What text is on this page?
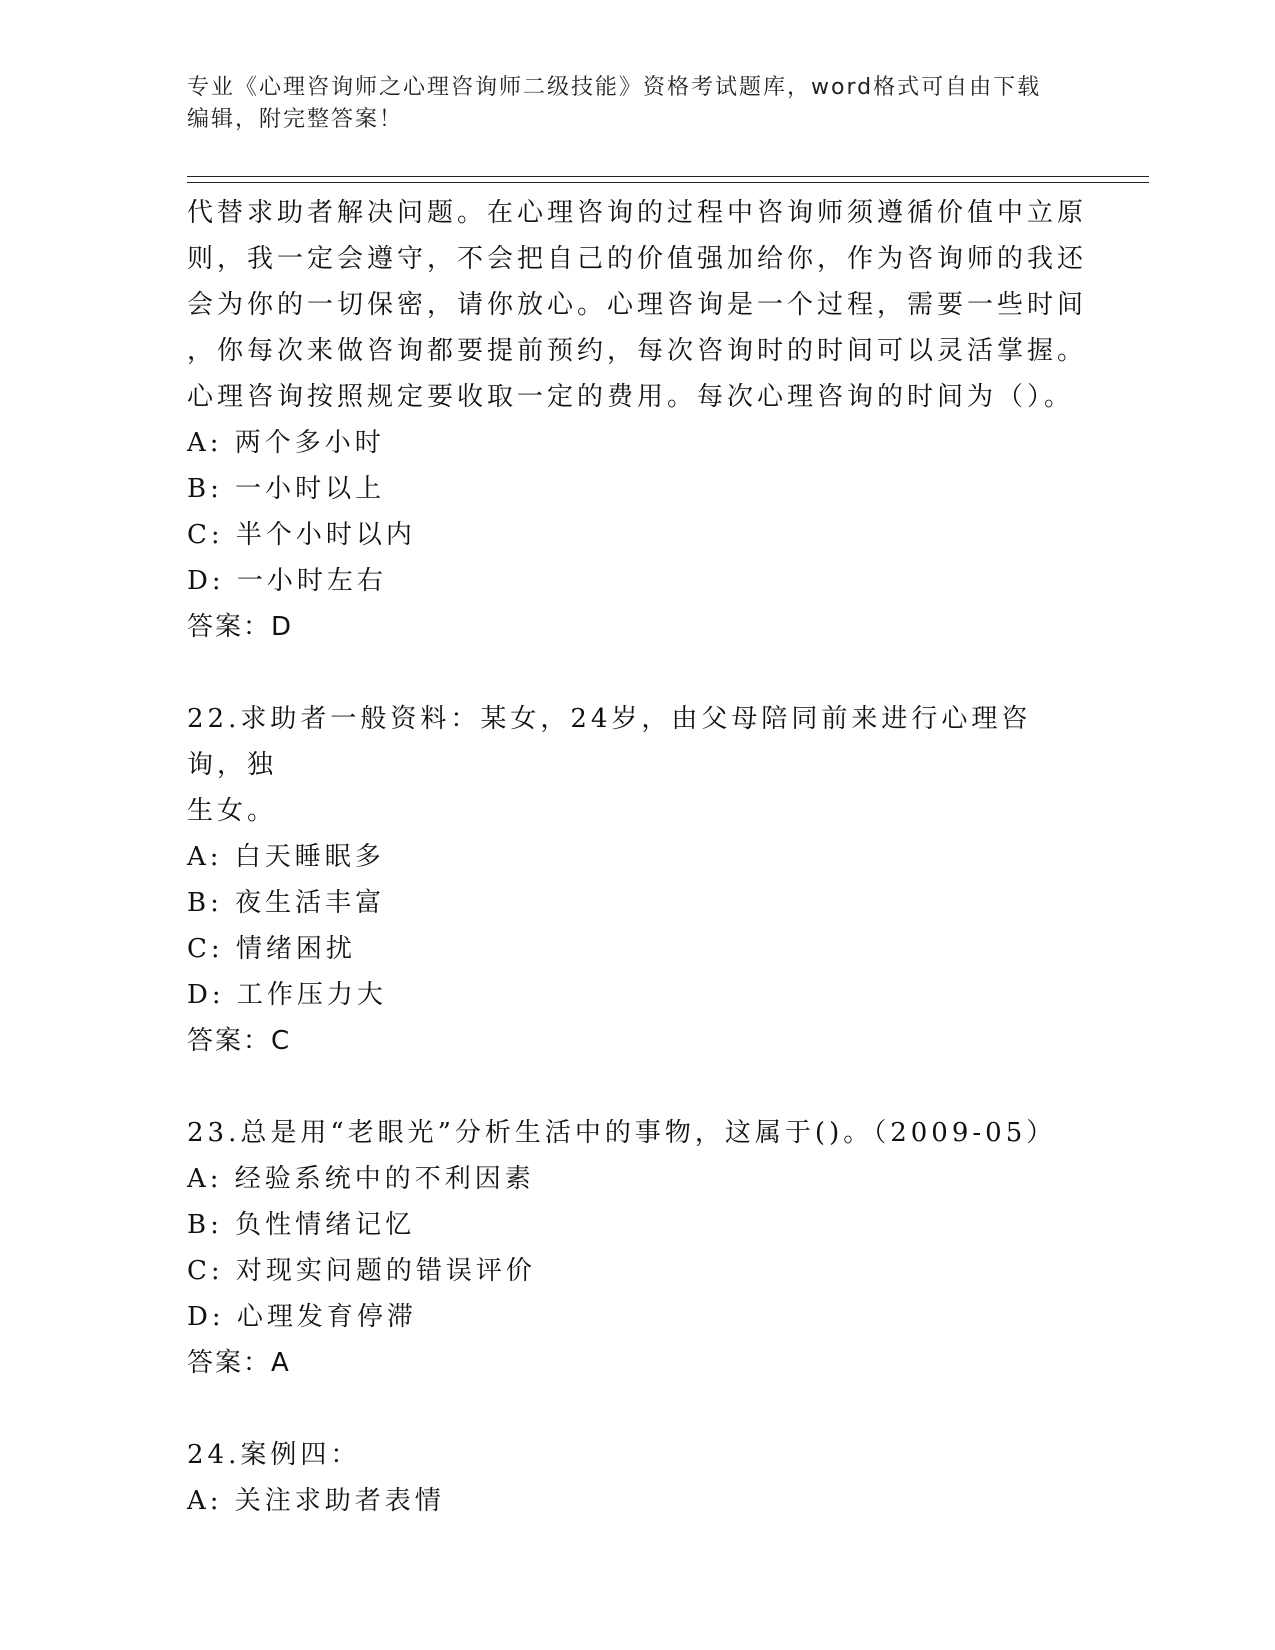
专业《心理咨询师之心理咨询师二级技能》资格考试题库，word格式可自由下载
编辑，附完整答案！

代替求助者解决问题。在心理咨询的过程中咨询师须遵循价值中立原

则，我一定会遵守，不会把自己的价值强加给你，作为咨询师的我还

会为你的一切保密，请你放心。心理咨询是一个过程，需要一些时间

，你每次来做咨询都要提前预约，每次咨询时的时间可以灵活掌握。

心理咨询按照规定要收取一定的费用。每次心理咨询的时间为（）。

A: 两个多小时

B: 一小时以上

C: 半个小时以内

D: 一小时左右

答案：D

22.求助者一般资料：某女，24岁，由父母陪同前来进行心理咨询，独

生女。

A: 白天睡眠多

B: 夜生活丰富

C: 情绪困扰

D: 工作压力大

答案：C

23.总是用“老眼光”分析生活中的事物，这属于()。（2009-05）

A: 经验系统中的不利因素

B: 负性情绪记忆

C: 对现实问题的错误评价

D: 心理发育停滞

答案：A

24.案例四：

A: 关注求助者表情
